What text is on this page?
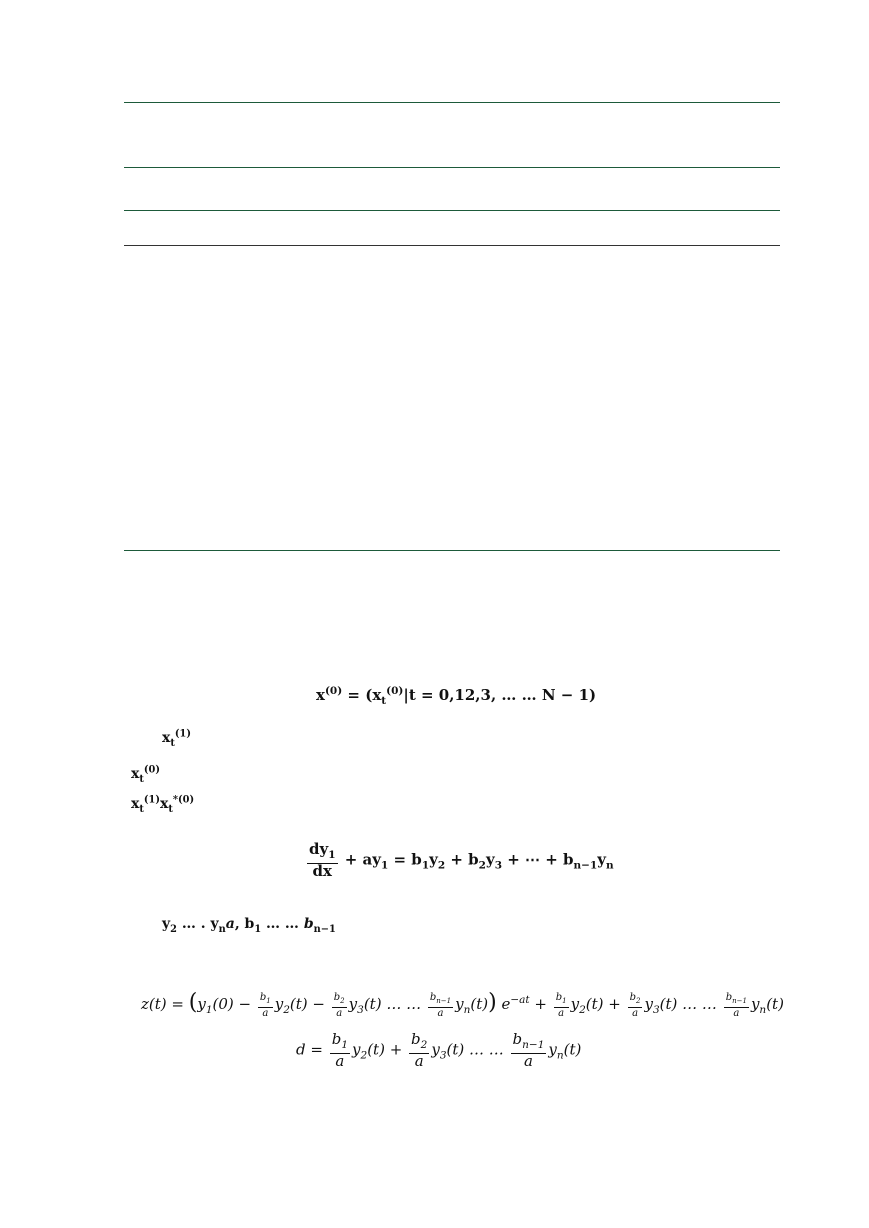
$x^{(0)} = (x_t^{(0)}|t = 0,12,3$, … … N − 1)
$x_t^{(1)}$
$x_t^{(0)}$
$x_t^{(1)}x_t^{*(0)}$
$\frac{dy_1}{dx} + ay_1 = b_1y_2 + b_2y_3$ + ⋯ + $b_{n-1}y_n$
$y_2$ … . $y_na$, $b_1$ … … $b_{n-1}$
$z(t) = (y_1(0) - \frac{b_1}{a} y_2(t) - \frac{b_2}{a} y_3(t)$ … … $\frac{b_{n-1}}{a} y_n(t)$) $e^{-at} + \frac{b_1}{a} y_2(t) + \frac{b_2}{a} y_3(t)$ … … $\frac{b_{n-1}}{a} y_n(t)$
$d = \frac{b_1}{a} y_2(t) + \frac{b_2}{a} y_3(t)$ … … $\frac{b_{n-1}}{a} y_n(t)$
